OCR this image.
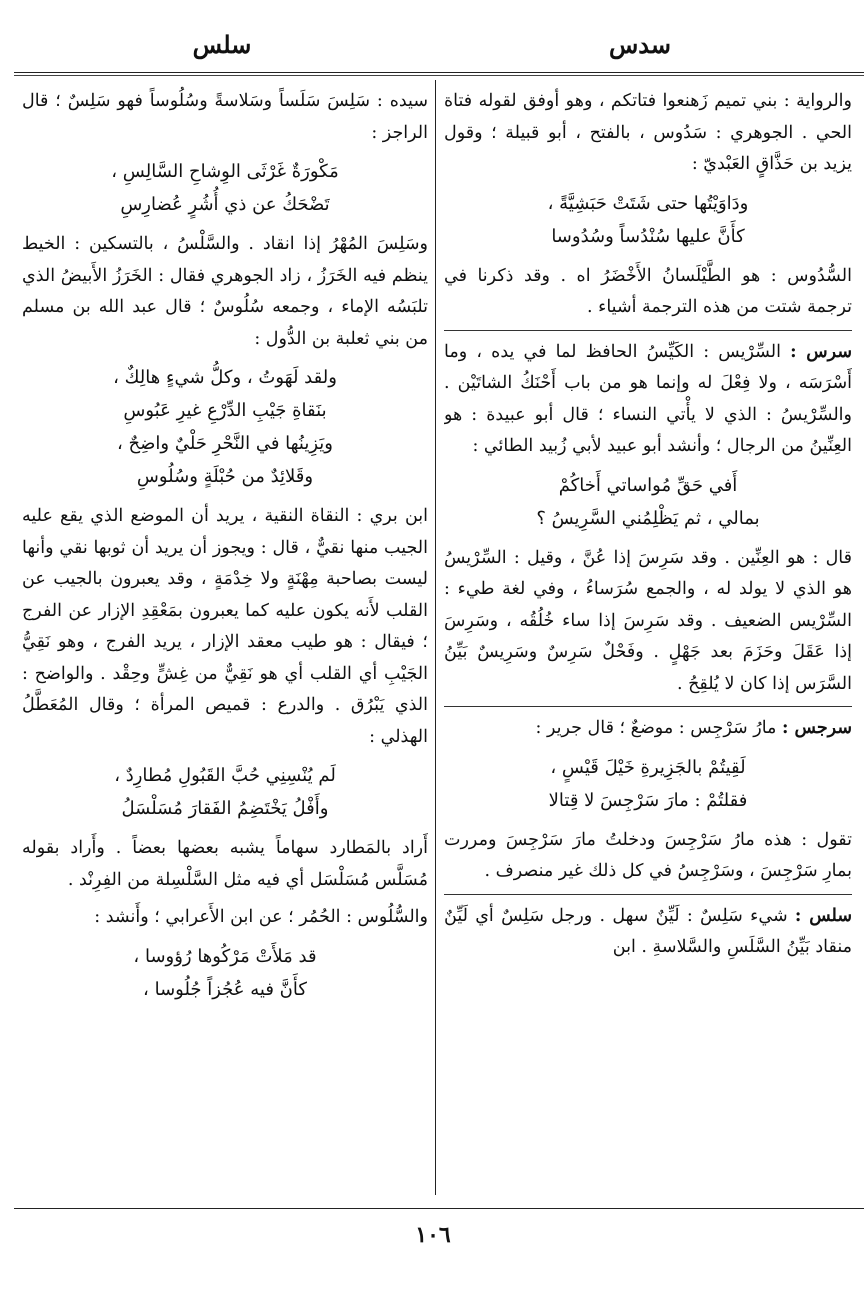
سدس
سلس

والرواية : بني تميم زَهنعوا فتاتكم ، وهو أوفق لقوله فتاة الحي . الجوهري : سَدُوس ، بالفتح ، أبو قبيلة ؛ وقول يزيد بن حَذَّاقٍ العَبْديّ :

ودَاوَيْتُها حتى شَتَتْ حَبَشِيَّةً ،
كأَنَّ عليها سُنْدُساً وسُدُوسا

السُّدُوس : هو الطَّيْلَسانُ الأَخْضَرُ اه . وقد ذكرنا في ترجمة شتت من هذه الترجمة أشياء .

سرس : السِّرْيس : الكَيِّسُ الحافظ لما في يده ، وما أَسْرَسَه ، ولا فِعْلَ له وإنما هو من باب أَحْنَكُ الشاتَيْن . والسِّرْيسُ : الذي لا يأْتي النساء ؛ قال أبو عبيدة : هو العِنِّينُ من الرجال ؛ وأنشد أبو عبيد لأبي زُبيد الطائي :

أَفي حَقِّ مُواساتي أَخاكُمْ
بمالي ، ثم يَظْلِمُني السَّرِيسُ ؟

قال : هو العِنِّين . وقد سَرِسَ إذا عُنَّ ، وقيل : السِّرْيسُ هو الذي لا يولد له ، والجمع سُرَساءُ ، وفي لغة طيء : السِّرْيس الضعيف . وقد سَرِسَ إذا ساء خُلُقُه ، وسَرِسَ إذا عَقَلَ وحَزَمَ بعد جَهْلٍ . وفَحْلٌ سَرِسٌ وسَرِيسٌ بَيِّنُ السَّرَس إذا كان لا يُلقِحُ .

سرجس : مارُ سَرْجِس : موضعٌ ؛ قال جرير :

لَقِيتُمْ بالجَزِيرةِ خَيْلَ قَيْسٍ ،
فقلتُمْ : مارَ سَرْجِسَ لا قِتالا

تقول : هذه مارُ سَرْجِسَ ودخلتُ مارَ سَرْجِسَ ومررت بمارِ سَرْجِسَ ، وسَرْجِسُ في كل ذلك غير منصرف .

سلس : شيء سَلِسٌ : لَيِّنٌ سهل . ورجل سَلِسٌ أي لَيِّنٌ منقاد بَيِّنُ السَّلَسِ والسَّلاسةِ . ابن

سيده : سَلِسَ سَلَساً وسَلاسةً وسُلُوساً فهو سَلِسٌ ؛ قال الراجز :

مَكْورَةٌ غَرْثَى الوِشاحِ السَّالِسِ ،
تَضْحَكُ عن ذي أُشُرٍ عُضارِسِ

وسَلِسَ المُهْرُ إذا انقاد . والسَّلْسُ ، بالتسكين : الخيط ينظم فيه الخَرَزُ ، زاد الجوهري فقال : الخَرَزُ الأَبيضُ الذي تلبَسُه الإماء ، وجمعه سُلُوسٌ ؛ قال عبد الله بن مسلم من بني ثعلبة بن الدُّول :

ولقد لَهَوتُ ، وكلُّ شيءٍ هالِكٌ ،
بنَقاةِ جَيْبِ الدِّرْعِ غيرِ عَبُوسِ
ويَزِينُها في النَّحْرِ حَلْيٌ واضِحٌ ،
وقَلائِدٌ من حُبْلَةٍ وسُلُوسِ

ابن بري : النقاة النقية ، يريد أن الموضع الذي يقع عليه الجيب منها نقيٌّ ، قال : ويجوز أن يريد أن ثوبها نقي وأنها ليست بصاحبة مِهْنَةٍ ولا خِدْمَةٍ ، وقد يعبرون بالجيب عن القلب لأَنه يكون عليه كما يعبرون بمَعْقِدِ الإزار عن الفرج ؛ فيقال : هو طيب معقد الإزار ، يريد الفرج ، وهو نَقِيُّ الجَيْبِ أي القلب أي هو نَقِيٌّ من غِشٍّ وحِقْد . والواضح : الذي يَبْرُق . والدرع : قميص المرأة ؛ وقال المُعَطَّلُ الهذلي :

لَم يُنْسِنِي حُبَّ القَبُولِ مُطارِدٌ ،
وأَفْلُ يَخْتَضِمُ الفَقارَ مُسَلْسَلُ

أَراد بالمَطارد سهاماً يشبه بعضها بعضاً . وأَراد بقوله مُسَلَّس مُسَلْسَل أي فيه مثل السَّلْسِلة من الفِرِنْد .

والسُّلُوس : الحُمُر ؛ عن ابن الأَعرابي ؛ وأَنشد :

قد مَلأَتْ مَرْكُوها رُؤوسا ،
كأَنَّ فيه عُجُزاً جُلُوسا ،
١٠٦
